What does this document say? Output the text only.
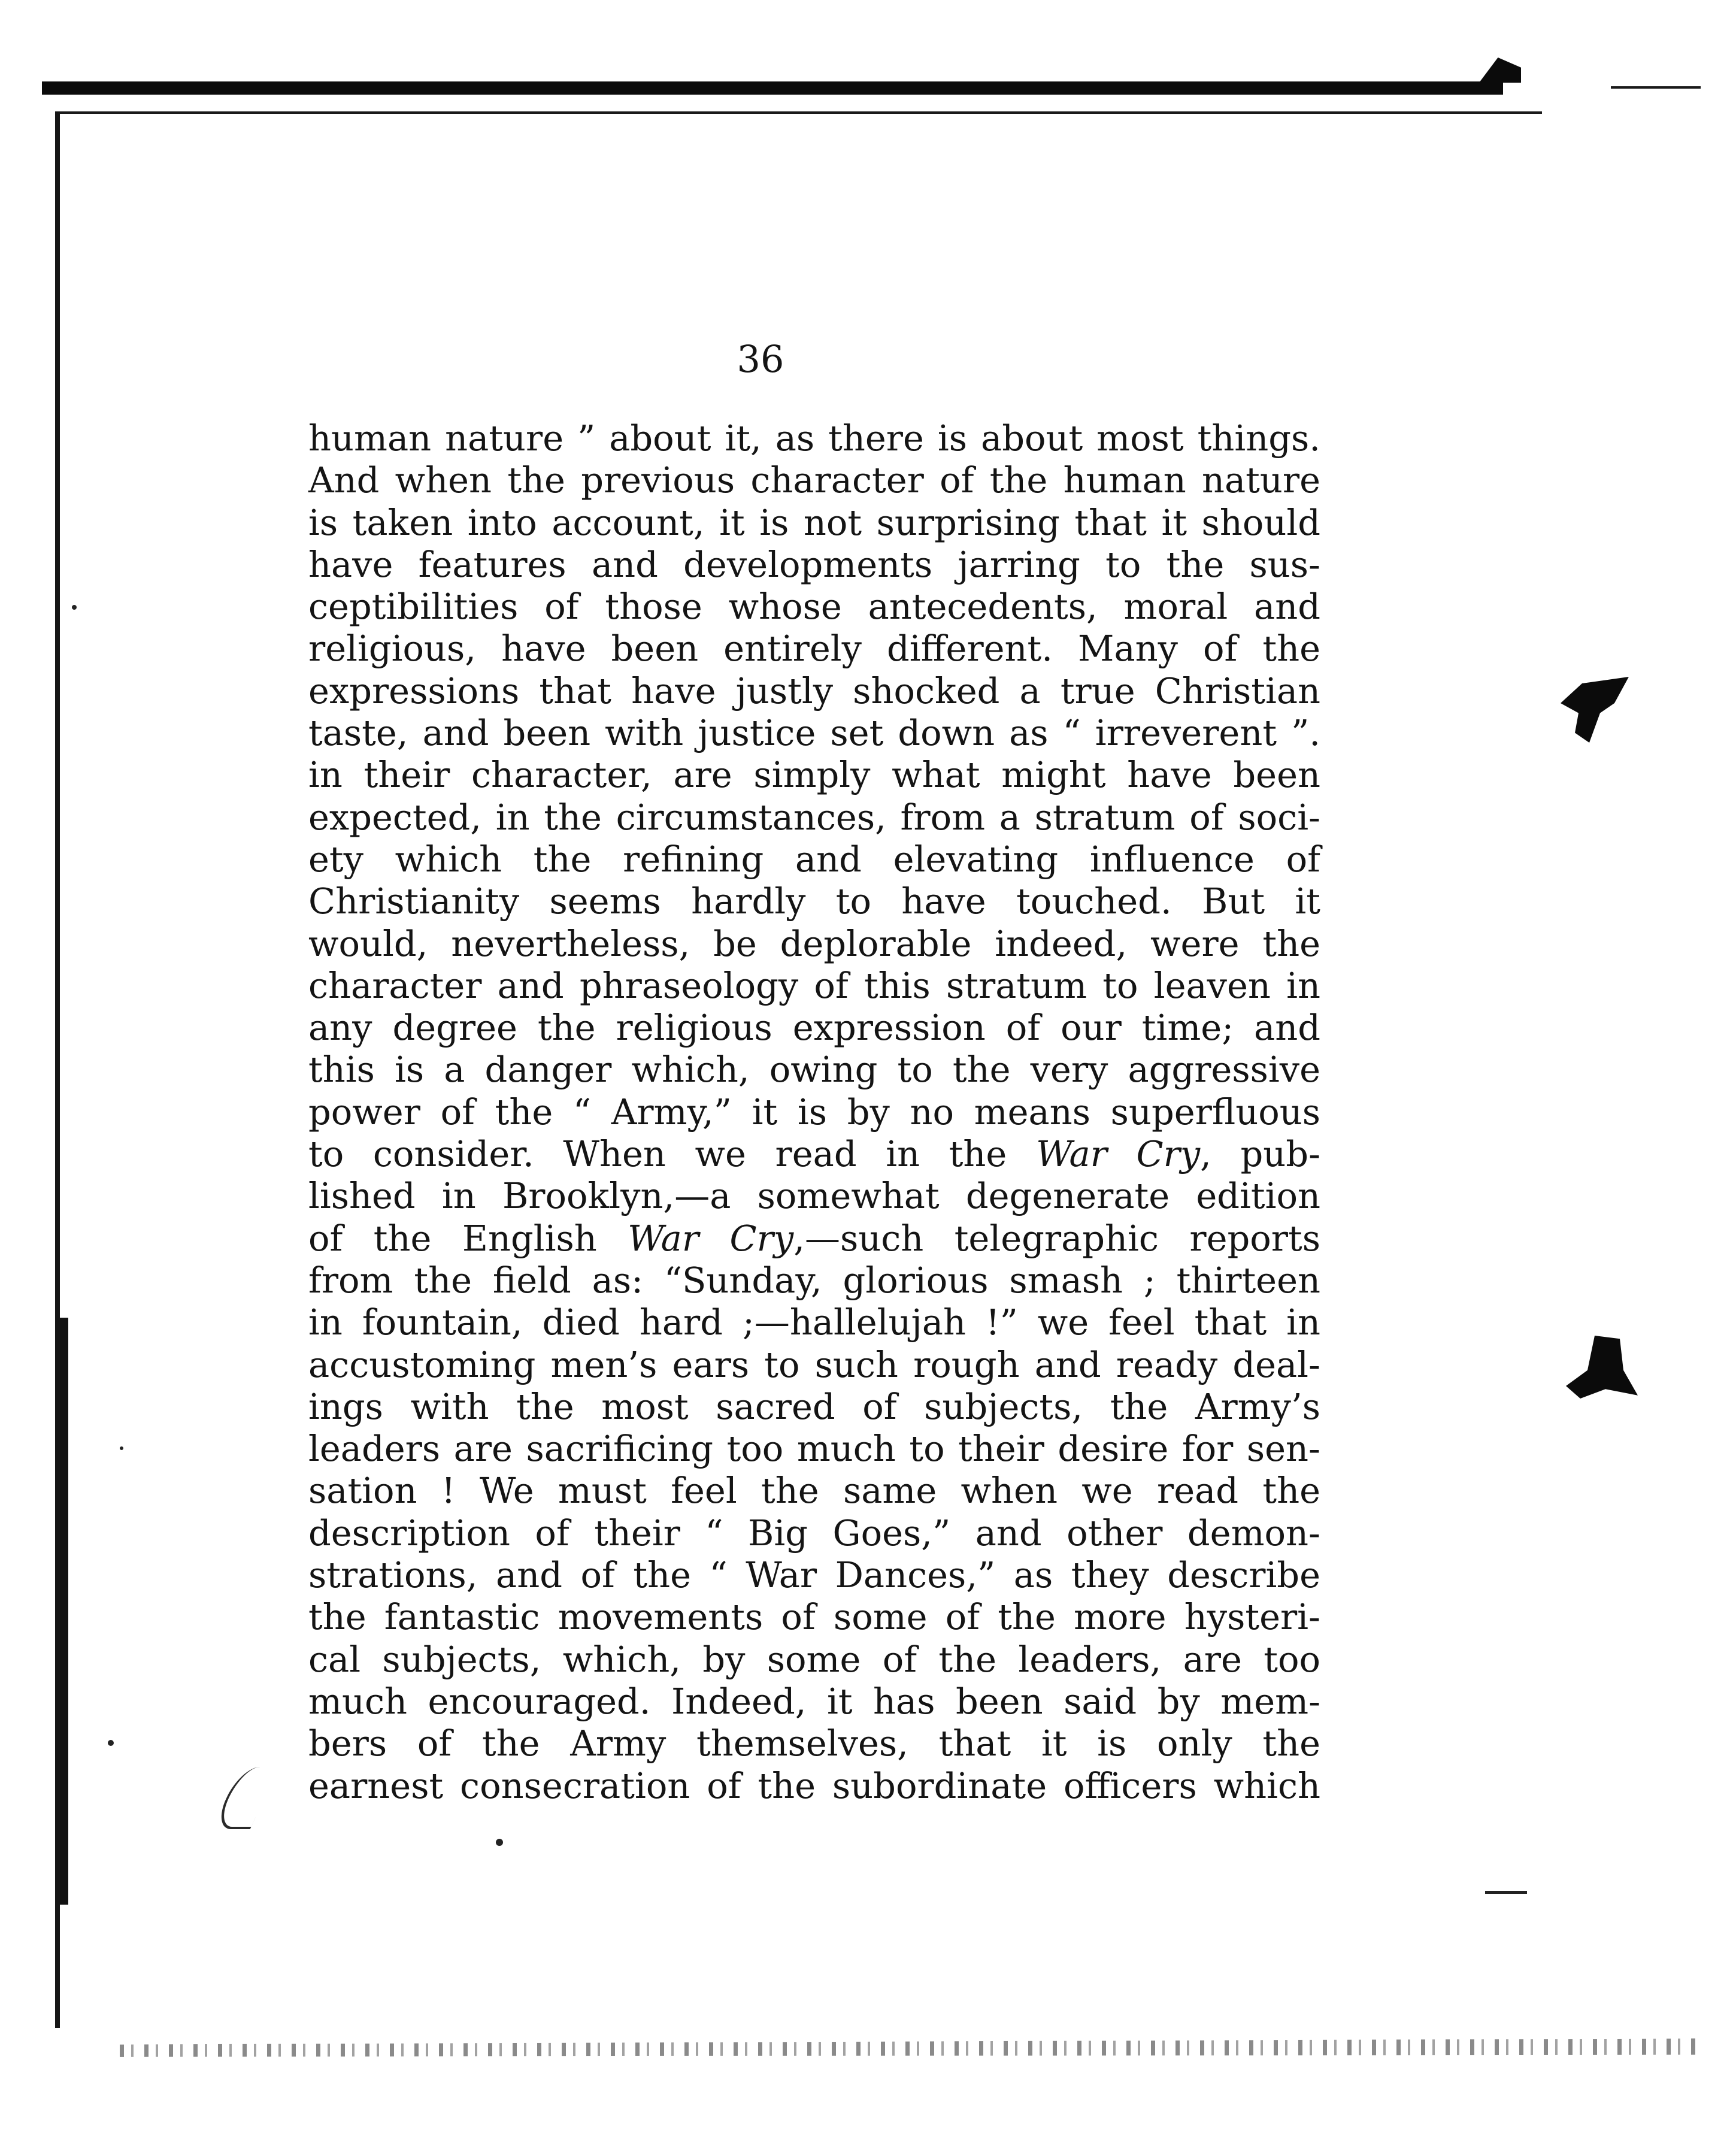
36
human nature ” about it, as there is about most things.
And when the previous character of the human nature
is taken into account, it is not surprising that it should
have features and developments jarring to the sus-
ceptibilities of those whose antecedents, moral and
religious, have been entirely different. Many of the
expressions that have justly shocked a true Christian
taste, and been with justice set down as “ irreverent ”.
in their character, are simply what might have been
expected, in the circumstances, from a stratum of soci-
ety which the refining and elevating influence of
Christianity seems hardly to have touched. But it
would, nevertheless, be deplorable indeed, were the
character and phraseology of this stratum to leaven in
any degree the religious expression of our time; and
this is a danger which, owing to the very aggressive
power of the “ Army,” it is by no means superfluous
to consider. When we read in the War Cry, pub-
lished in Brooklyn,—a somewhat degenerate edition
of the English War Cry,—such telegraphic reports
from the field as: “Sunday, glorious smash ; thirteen
in fountain, died hard ;—hallelujah !” we feel that in
accustoming men’s ears to such rough and ready deal-
ings with the most sacred of subjects, the Army’s
leaders are sacrificing too much to their desire for sen-
sation ! We must feel the same when we read the
description of their “ Big Goes,” and other demon-
strations, and of the “ War Dances,” as they describe
the fantastic movements of some of the more hysteri-
cal subjects, which, by some of the leaders, are too
much encouraged. Indeed, it has been said by mem-
bers of the Army themselves, that it is only the
earnest consecration of the subordinate officers which
